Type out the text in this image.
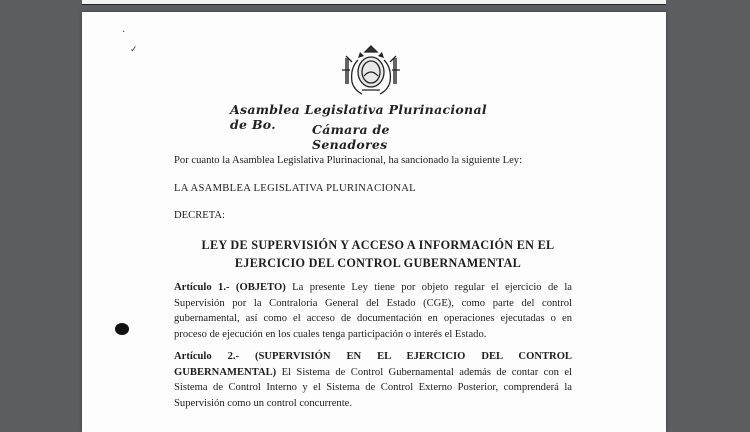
·
✓
Asamblea Legislativa Plurinacional de Bo.	Cámara de Senadores
Por cuanto la Asamblea Legislativa Plurinacional, ha sancionado la siguiente Ley:
LA ASAMBLEA LEGISLATIVA PLURINACIONAL
DECRETA:
LEY DE SUPERVISIÓN Y ACCESO A INFORMACIÓN EN EL
EJERCICIO DEL CONTROL GUBERNAMENTAL
Artículo 1.- (OBJETO) La presente Ley tiene por objeto regular el ejercicio de la
Supervisión por la Contraloría General del Estado (CGE), como parte del control
gubernamental, así como el acceso de documentación en operaciones ejecutadas o en
proceso de ejecución en los cuales tenga participación o interés el Estado.
Artículo 2.- (SUPERVISIÓN EN EL EJERCICIO DEL CONTROL
GUBERNAMENTAL) El Sistema de Control Gubernamental además de contar con el
Sistema de Control Interno y el Sistema de Control Externo Posterior, comprenderá la
Supervisión como un control concurrente.
